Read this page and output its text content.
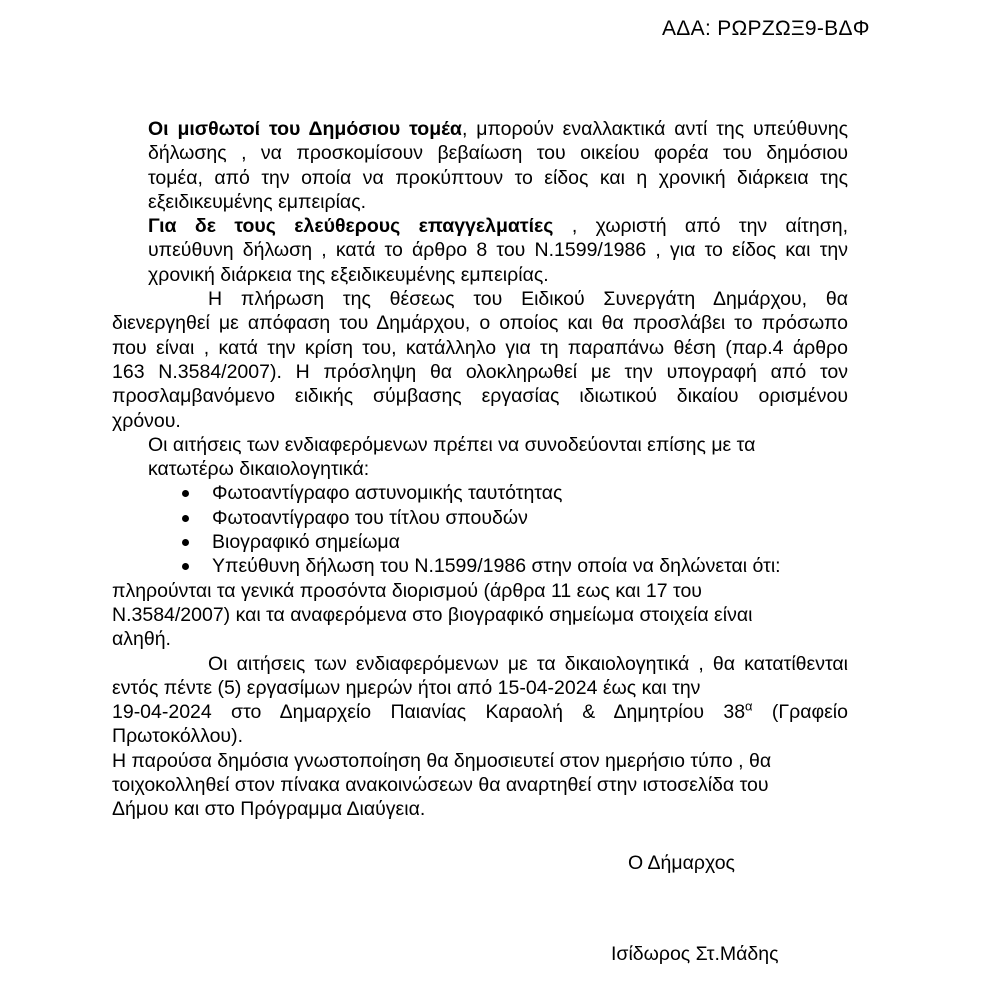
ΑΔΑ: ΡΩΡΖΩΞ9-ΒΔΦ
Οι μισθωτοί του Δημόσιου τομέα, μπορούν εναλλακτικά αντί της υπεύθυνης
δήλωσης , να προσκομίσουν βεβαίωση του οικείου φορέα του δημόσιου
τομέα, από την οποία να προκύπτουν το είδος και η χρονική διάρκεια της
εξειδικευμένης εμπειρίας.
Για δε τους ελεύθερους επαγγελματίες , χωριστή από την αίτηση,
υπεύθυνη δήλωση , κατά το άρθρο 8 του Ν.1599/1986 , για το είδος και την
χρονική διάρκεια της εξειδικευμένης εμπειρίας.
Η πλήρωση της θέσεως του Ειδικού Συνεργάτη Δημάρχου, θα
διενεργηθεί με απόφαση του Δημάρχου, ο οποίος και θα προσλάβει το πρόσωπο
που είναι , κατά την κρίση του, κατάλληλο για τη παραπάνω θέση (παρ.4 άρθρο
163 Ν.3584/2007). Η πρόσληψη θα ολοκληρωθεί με την υπογραφή από τον
προσλαμβανόμενο ειδικής σύμβασης εργασίας ιδιωτικού δικαίου ορισμένου
χρόνου.
Οι αιτήσεις των ενδιαφερόμενων πρέπει να συνοδεύονται επίσης με τα
κατωτέρω δικαιολογητικά:
Φωτοαντίγραφο αστυνομικής ταυτότητας
Φωτοαντίγραφο του τίτλου σπουδών
Βιογραφικό σημείωμα
Υπεύθυνη δήλωση του Ν.1599/1986 στην οποία να δηλώνεται ότι:
πληρούνται τα γενικά προσόντα διορισμού (άρθρα 11 εως και 17 του
Ν.3584/2007) και τα αναφερόμενα στο βιογραφικό σημείωμα στοιχεία είναι
αληθή.
Οι αιτήσεις των ενδιαφερόμενων με τα δικαιολογητικά , θα κατατίθενται
εντός πέντε (5) εργασίμων ημερών ήτοι από 15-04-2024 έως και την
19-04-2024 στο Δημαρχείο Παιανίας Καραολή & Δημητρίου $38^\alpha$ (Γραφείο
Πρωτοκόλλου).
Η παρούσα δημόσια γνωστοποίηση θα δημοσιευτεί στον ημερήσιο τύπο , θα
τοιχοκολληθεί στον πίνακα ανακοινώσεων θα αναρτηθεί στην ιστοσελίδα του
Δήμου και στο Πρόγραμμα Διαύγεια.
Ο Δήμαρχος
Ισίδωρος Στ.Μάδης
